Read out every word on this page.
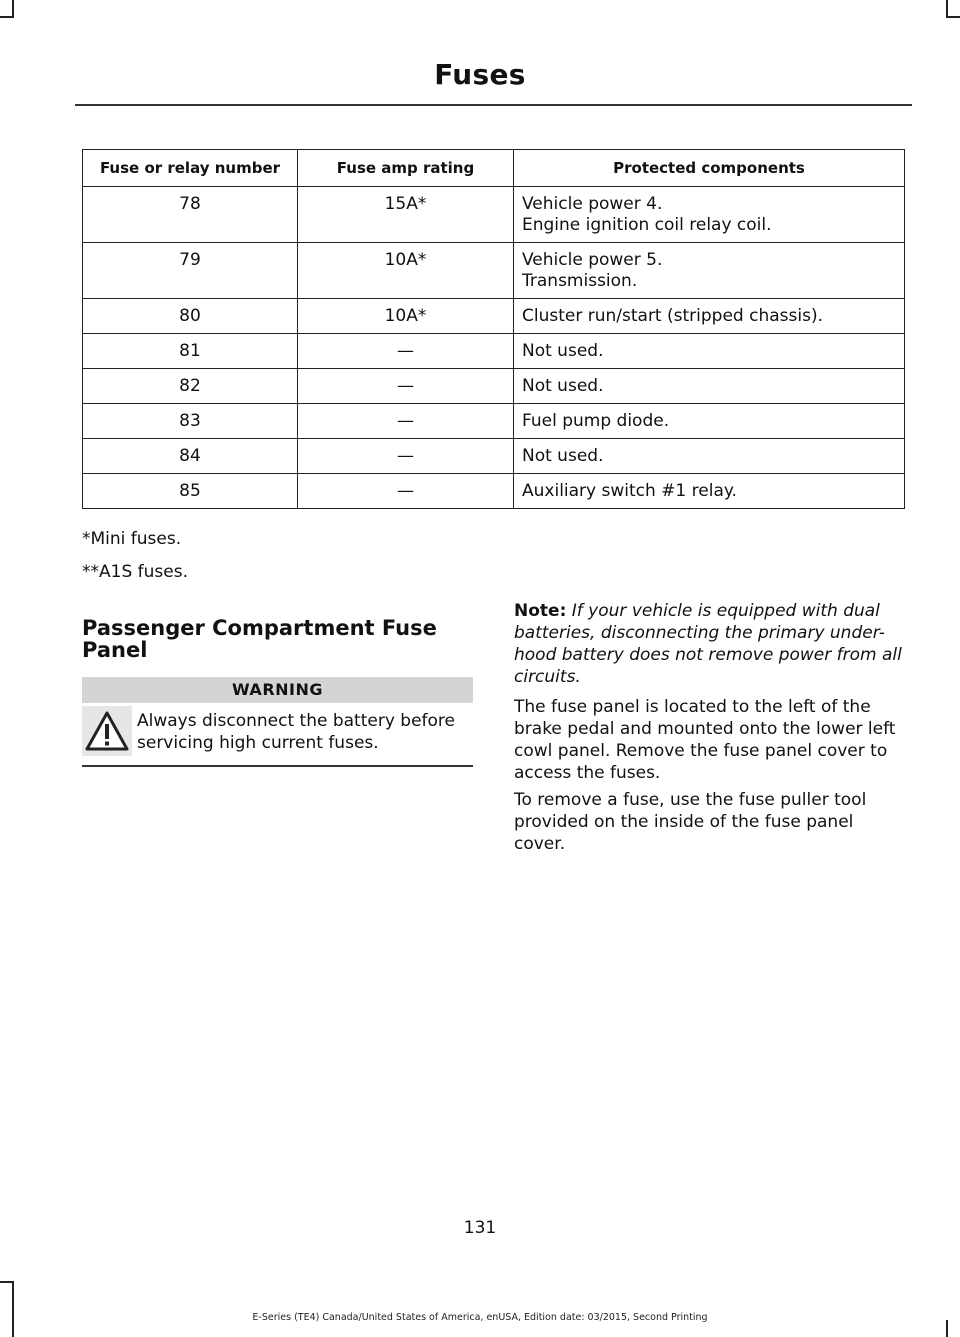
Fuses
Fuse or relay number	Fuse amp rating	Protected components
78	15A*	Vehicle power 4.
Engine ignition coil relay coil.

79	10A*	Vehicle power 5.
Transmission.

80	10A*	Cluster run/start (stripped chassis).

81	—	Not used.

82	—	Not used.

83	—	Fuel pump diode.

84	—	Not used.

85	—	Auxiliary switch #1 relay.
*Mini fuses.
**A1S fuses.
Passenger Compartment Fuse Panel
WARNING
Always disconnect the battery before servicing high current fuses.
Note: If your vehicle is equipped with dual batteries, disconnecting the primary under-hood battery does not remove power from all circuits.
The fuse panel is located to the left of the brake pedal and mounted onto the lower left cowl panel. Remove the fuse panel cover to access the fuses.
To remove a fuse, use the fuse puller tool provided on the inside of the fuse panel cover.
131
E-Series (TE4) Canada/United States of America, enUSA, Edition date: 03/2015, Second Printing
